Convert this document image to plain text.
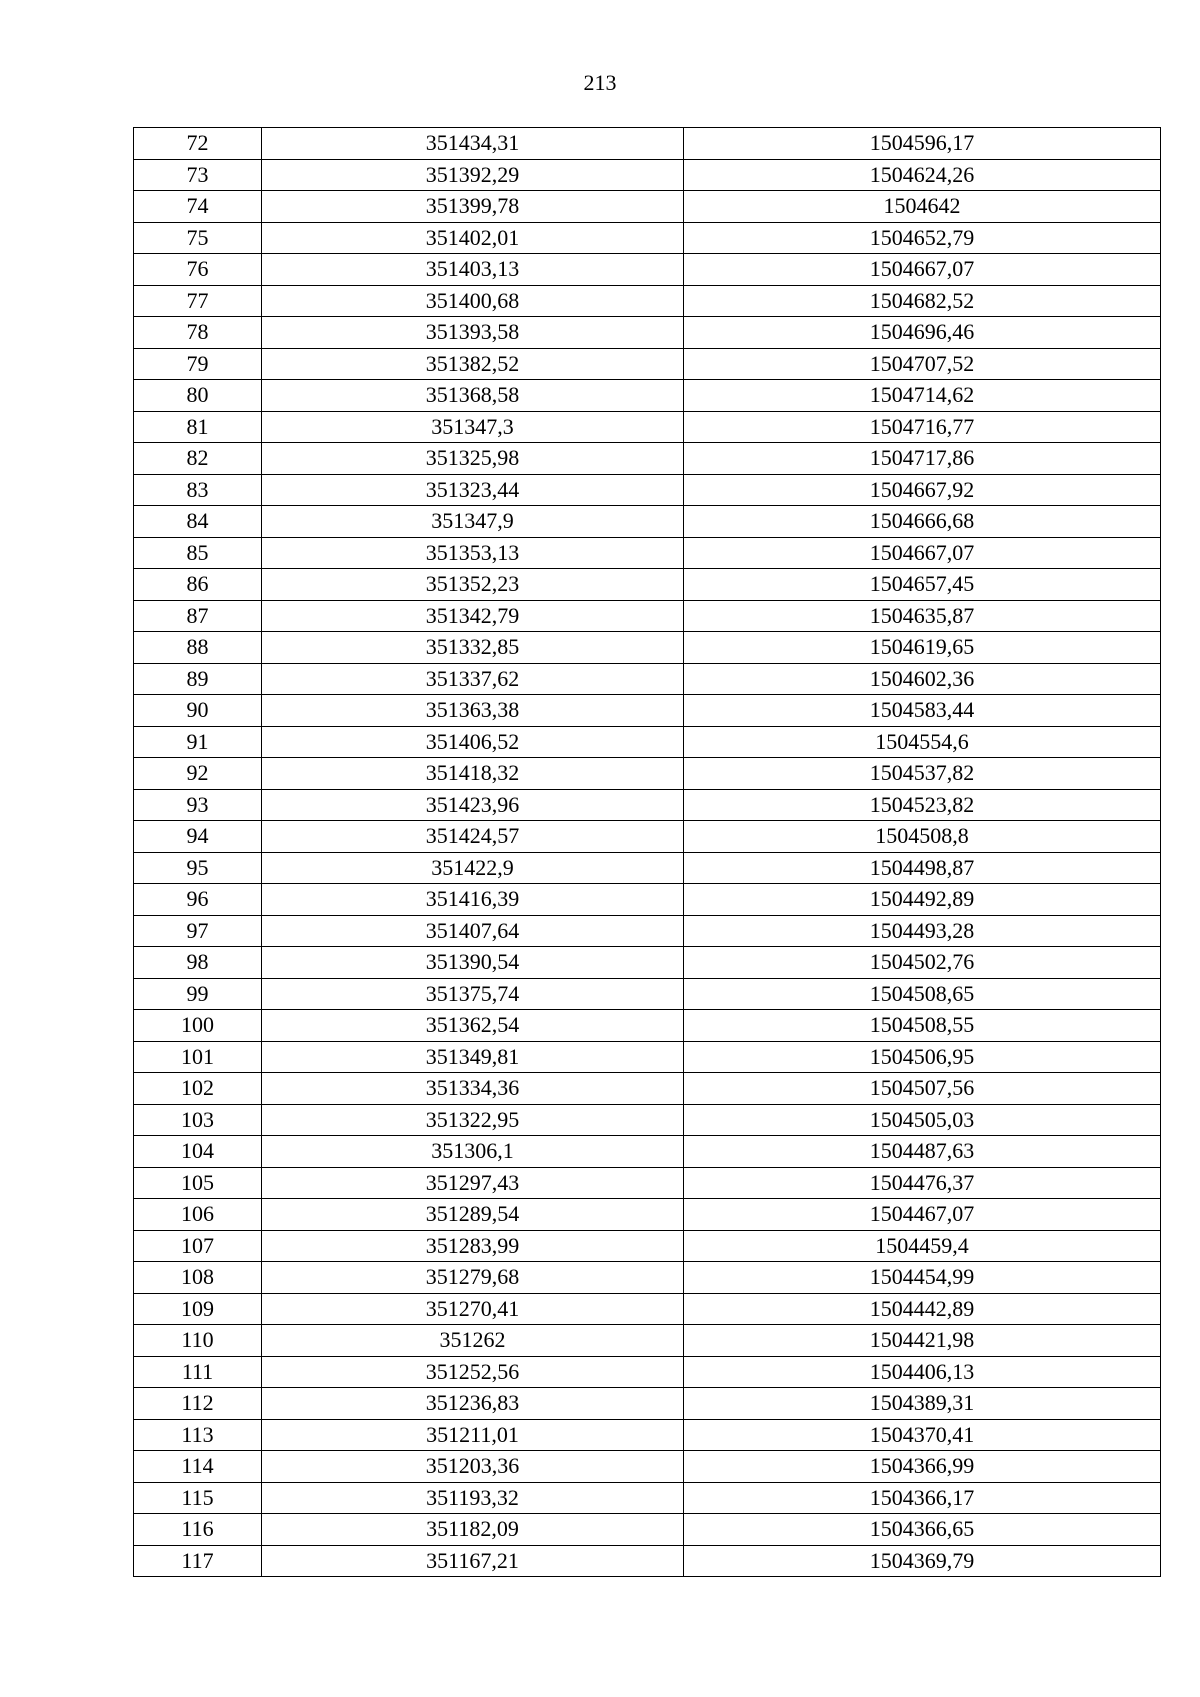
213
72	351434,31	1504596,17
73	351392,29	1504624,26
74	351399,78	1504642
75	351402,01	1504652,79
76	351403,13	1504667,07
77	351400,68	1504682,52
78	351393,58	1504696,46
79	351382,52	1504707,52
80	351368,58	1504714,62
81	351347,3	1504716,77
82	351325,98	1504717,86
83	351323,44	1504667,92
84	351347,9	1504666,68
85	351353,13	1504667,07
86	351352,23	1504657,45
87	351342,79	1504635,87
88	351332,85	1504619,65
89	351337,62	1504602,36
90	351363,38	1504583,44
91	351406,52	1504554,6
92	351418,32	1504537,82
93	351423,96	1504523,82
94	351424,57	1504508,8
95	351422,9	1504498,87
96	351416,39	1504492,89
97	351407,64	1504493,28
98	351390,54	1504502,76
99	351375,74	1504508,65
100	351362,54	1504508,55
101	351349,81	1504506,95
102	351334,36	1504507,56
103	351322,95	1504505,03
104	351306,1	1504487,63
105	351297,43	1504476,37
106	351289,54	1504467,07
107	351283,99	1504459,4
108	351279,68	1504454,99
109	351270,41	1504442,89
110	351262	1504421,98
111	351252,56	1504406,13
112	351236,83	1504389,31
113	351211,01	1504370,41
114	351203,36	1504366,99
115	351193,32	1504366,17
116	351182,09	1504366,65
117	351167,21	1504369,79
